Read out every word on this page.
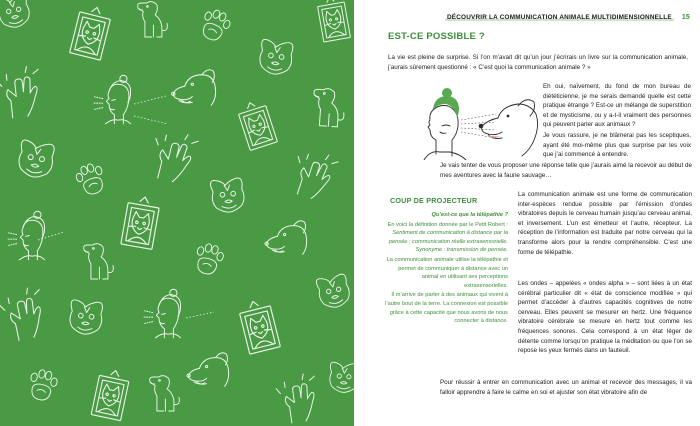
DÉCOUVRIR LA COMMUNICATION ANIMALE MULTIDIMENSIONNELLE 15
EST-CE POSSIBLE ?

La vie est pleine de surprise. Si l’on m’avait dit qu’un jour j’écrirais un livre sur la communication animale, j’aurais sûrement questionné : « C’est quoi la communication animale ? »

Eh oui, naïvement, du fond de mon bureau de diététicienne, je me serais demandé quelle est cette pratique étrange ? Est-ce un mélange de superstition et de mysticisme, ou y a-t-il vraiment des personnes qui peuvent parler aux animaux ?

Je vous rassure, je ne blâmerai pas les sceptiques, ayant été moi-même plus que surprise par les voix que j’ai commencé à entendre.

Je vais tenter de vous proposer une réponse telle que j’aurais aimé la recevoir au début de mes aventures avec la faune sauvage…

COUP DE PROJECTEUR

Qu’est-ce que la télépathie ?

En voici la définition donnée par le Petit Robert : Sentiment de communication à distance par la pensée ; communication réelle extrasensorielle. Synonyme : transmission de pensée.

La communication animale utilise la télépathie et permet de communiquer à distance avec un animal en utilisant ses perceptions extrasensorielles.

Il m’arrive de parler à des animaux qui vivent à l’autre bout de la terre. La connexion est possible grâce à cette capacité que nous avons de nous connecter à distance.

La communication animale est une forme de communication inter-espèces rendue possible par l’émission d’ondes vibratoires depuis le cerveau humain jusqu’au cerveau animal, et inversement. L’un est émetteur et l’autre, récepteur. La réception de l’information est traduite par notre cerveau qui la transforme alors pour la rendre compréhensible. C’est une forme de télépathie.

Les ondes – appelées « ondes alpha » – sont liées à un état cérébral particulier dit « état de conscience modifiée » qui permet d’accéder à d’autres capacités cognitives de notre cerveau. Elles peuvent se mesurer en hertz. Une fréquence vibratoire cérébrale se mesure en hertz tout comme les fréquences sonores. Cela correspond à un état léger de détente comme lorsqu’on pratique la méditation ou que l’on se repose les yeux fermés dans un fauteuil.

Pour réussir à entrer en communication avec un animal et recevoir des messages, il va falloir apprendre à faire le calme en soi et ajuster son état vibratoire afin de
